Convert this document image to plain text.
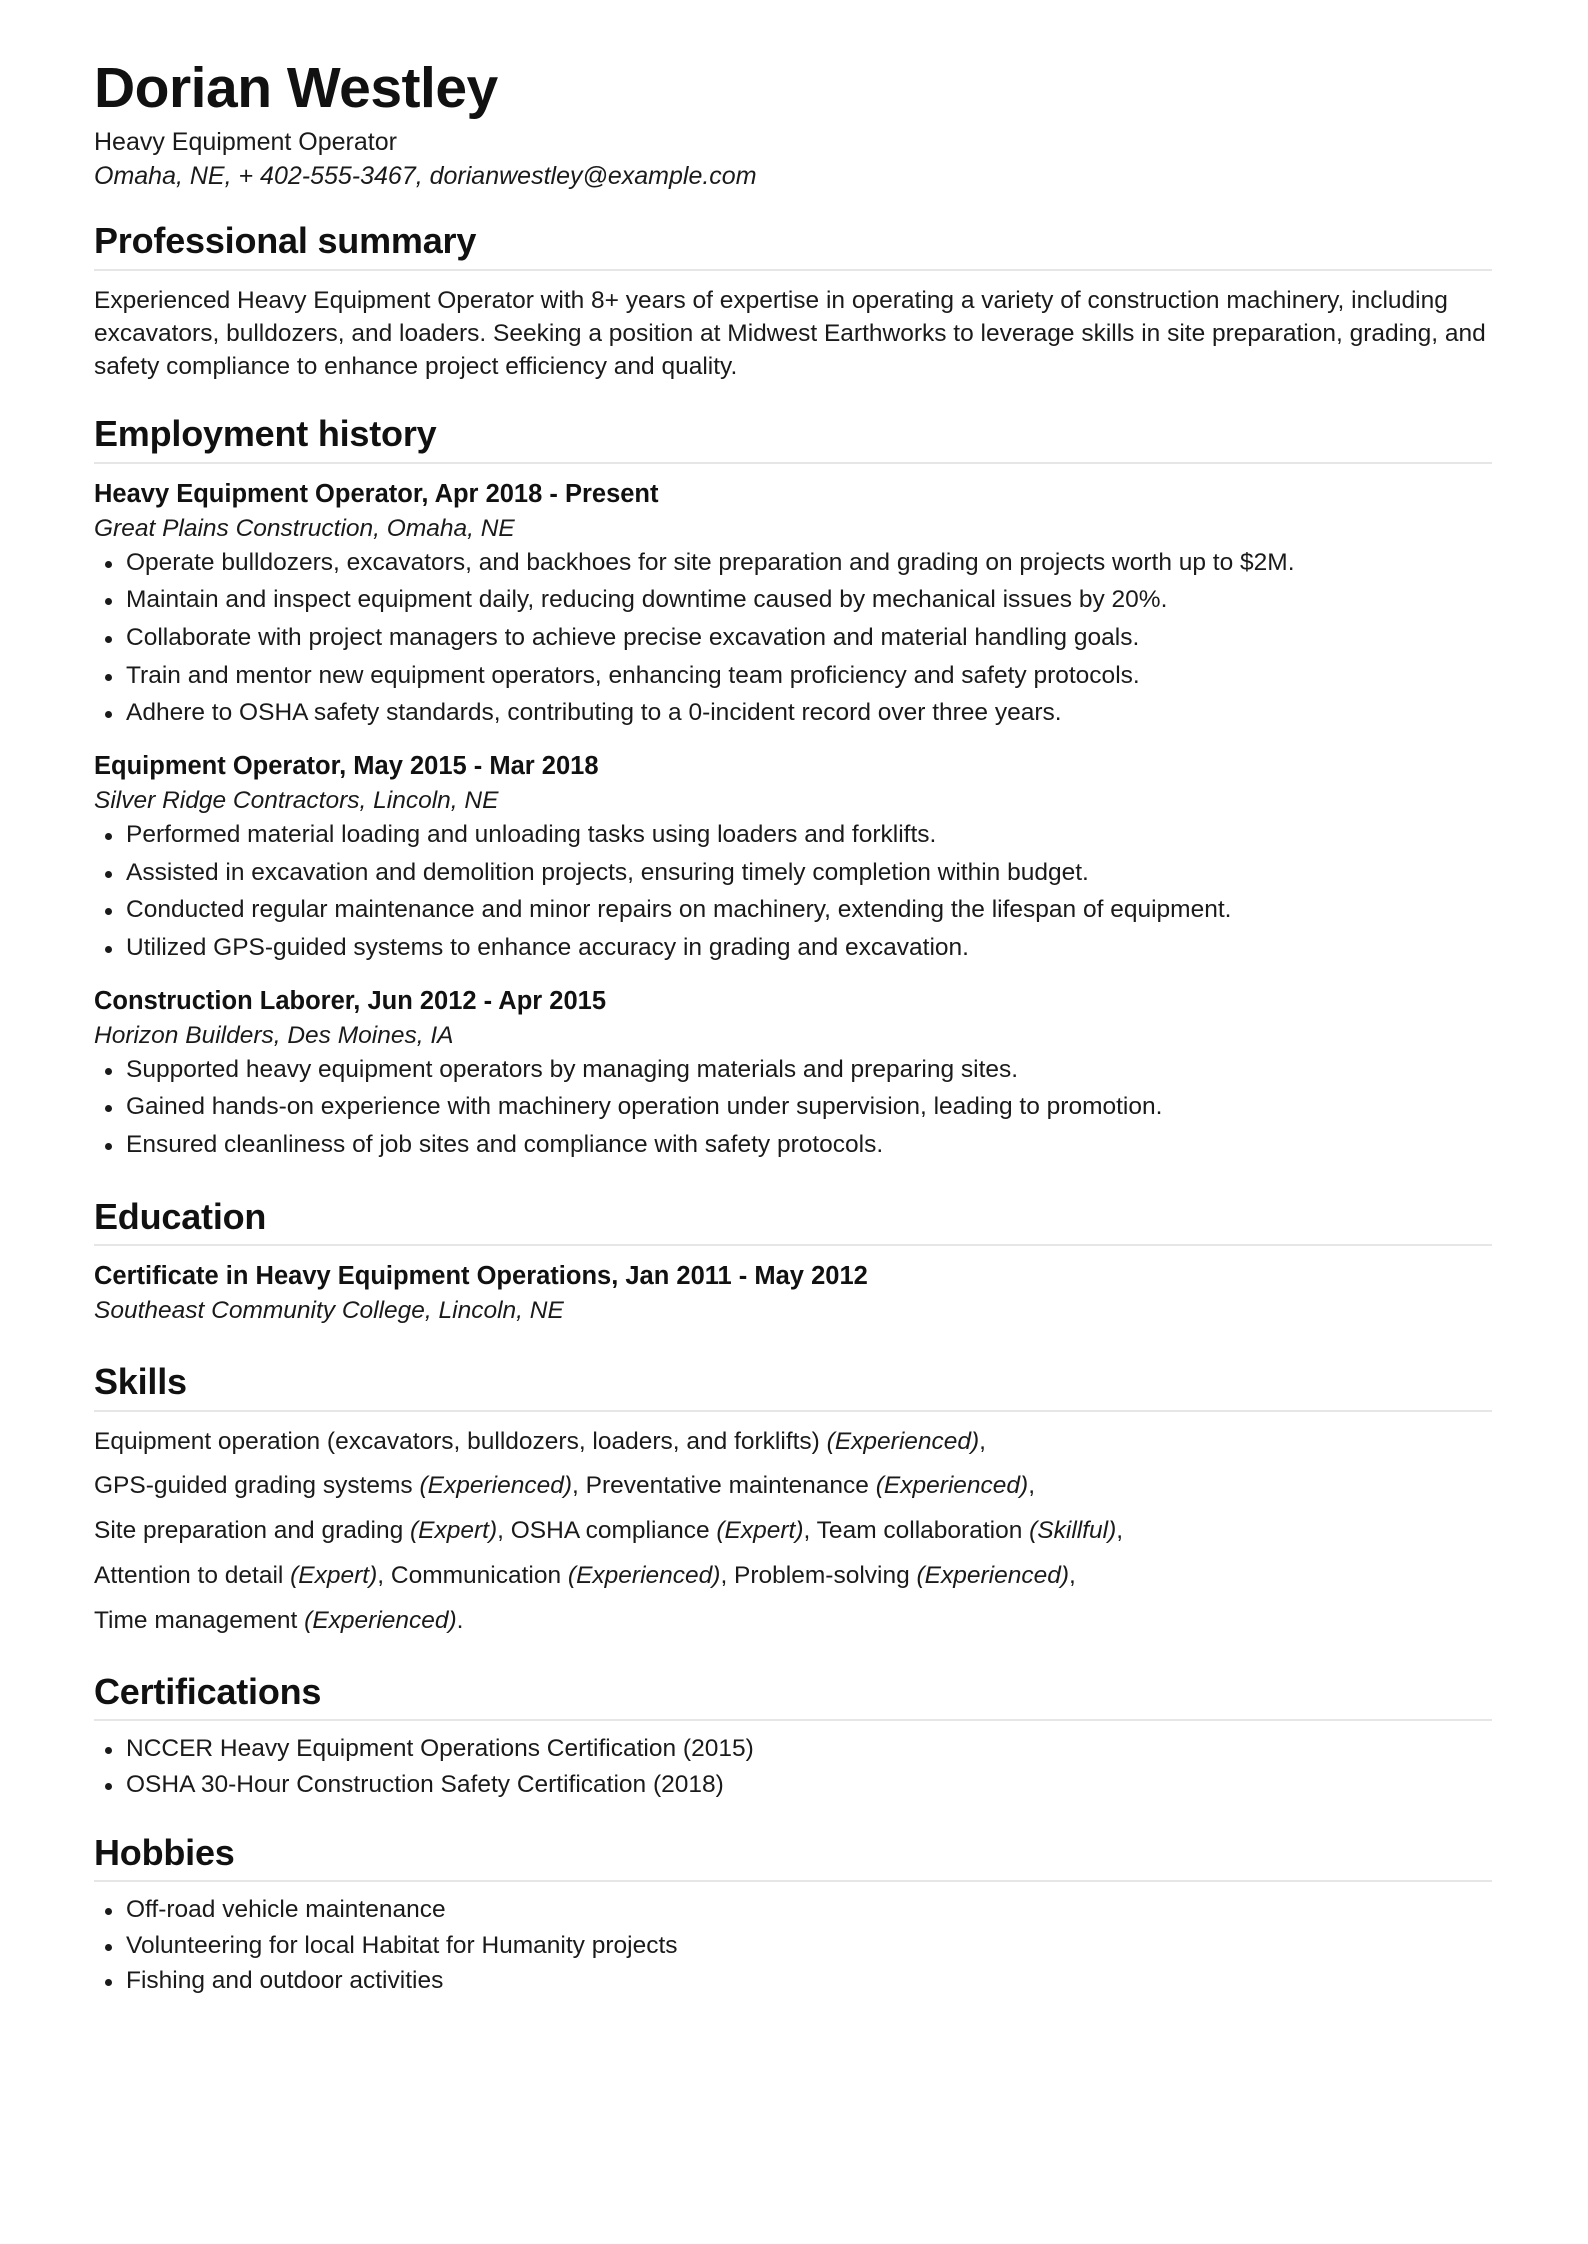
Dorian Westley

Heavy Equipment Operator

Omaha, NE, + 402-555-3467, dorianwestley@example.com

Professional summary

Experienced Heavy Equipment Operator with 8+ years of expertise in operating a variety of construction machinery, including excavators, bulldozers, and loaders. Seeking a position at Midwest Earthworks to leverage skills in site preparation, grading, and safety compliance to enhance project efficiency and quality.

Employment history
Heavy Equipment Operator, Apr 2018 - Present
Great Plains Construction, Omaha, NE
Operate bulldozers, excavators, and backhoes for site preparation and grading on projects worth up to $2M.
Maintain and inspect equipment daily, reducing downtime caused by mechanical issues by 20%.
Collaborate with project managers to achieve precise excavation and material handling goals.
Train and mentor new equipment operators, enhancing team proficiency and safety protocols.
Adhere to OSHA safety standards, contributing to a 0-incident record over three years.
Equipment Operator, May 2015 - Mar 2018
Silver Ridge Contractors, Lincoln, NE
Performed material loading and unloading tasks using loaders and forklifts.
Assisted in excavation and demolition projects, ensuring timely completion within budget.
Conducted regular maintenance and minor repairs on machinery, extending the lifespan of equipment.
Utilized GPS-guided systems to enhance accuracy in grading and excavation.
Construction Laborer, Jun 2012 - Apr 2015
Horizon Builders, Des Moines, IA
Supported heavy equipment operators by managing materials and preparing sites.
Gained hands-on experience with machinery operation under supervision, leading to promotion.
Ensured cleanliness of job sites and compliance with safety protocols.
Education
Certificate in Heavy Equipment Operations, Jan 2011 - May 2012
Southeast Community College, Lincoln, NE
Skills
Equipment operation (excavators, bulldozers, loaders, and forklifts) (Experienced),
GPS-guided grading systems (Experienced), Preventative maintenance (Experienced),
Site preparation and grading (Expert), OSHA compliance (Expert), Team collaboration (Skillful),
Attention to detail (Expert), Communication (Experienced), Problem-solving (Experienced),
Time management (Experienced).
Certifications
NCCER Heavy Equipment Operations Certification (2015)
OSHA 30-Hour Construction Safety Certification (2018)
Hobbies
Off-road vehicle maintenance
Volunteering for local Habitat for Humanity projects
Fishing and outdoor activities
